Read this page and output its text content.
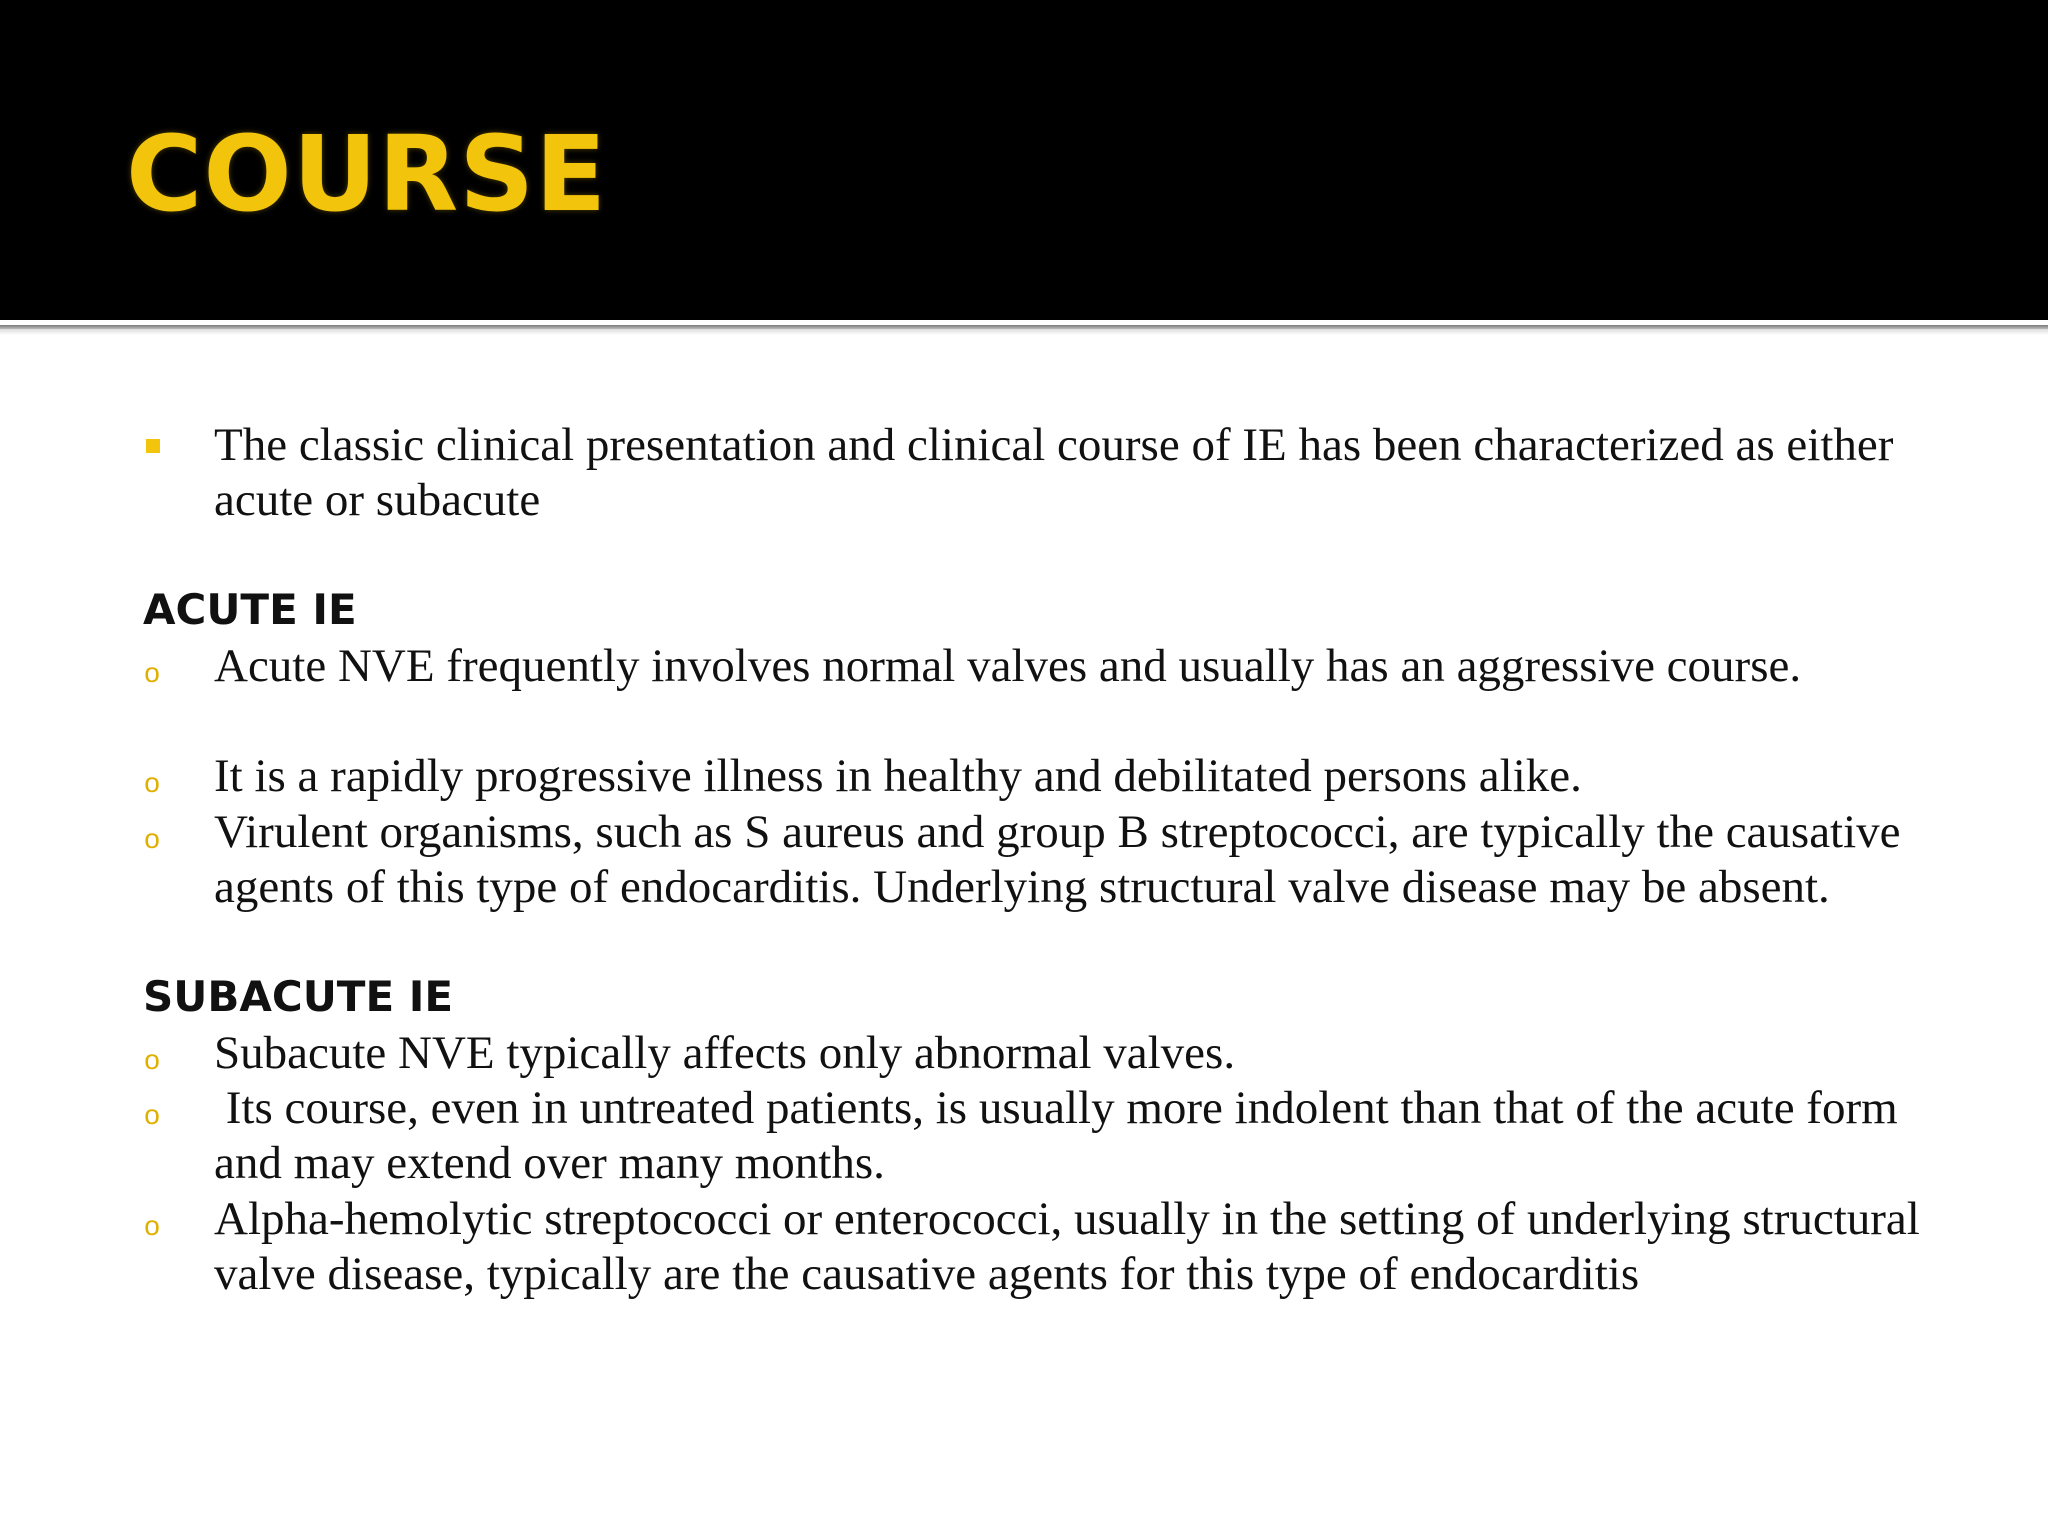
COURSE

The classic clinical presentation and clinical course of IE has been characterized as either acute or subacute

ACUTE IE
o Acute NVE frequently involves normal valves and usually has an aggressive course.

o It is a rapidly progressive illness in healthy and debilitated persons alike.

o Virulent organisms, such as S aureus and group B streptococci, are typically the causative agents of this type of endocarditis. Underlying structural valve disease may be absent.

SUBACUTE IE
o Subacute NVE typically affects only abnormal valves.

o Its course, even in untreated patients, is usually more indolent than that of the acute form and may extend over many months.

o Alpha-hemolytic streptococci or enterococci, usually in the setting of underlying structural valve disease, typically are the causative agents for this type of endocarditis
